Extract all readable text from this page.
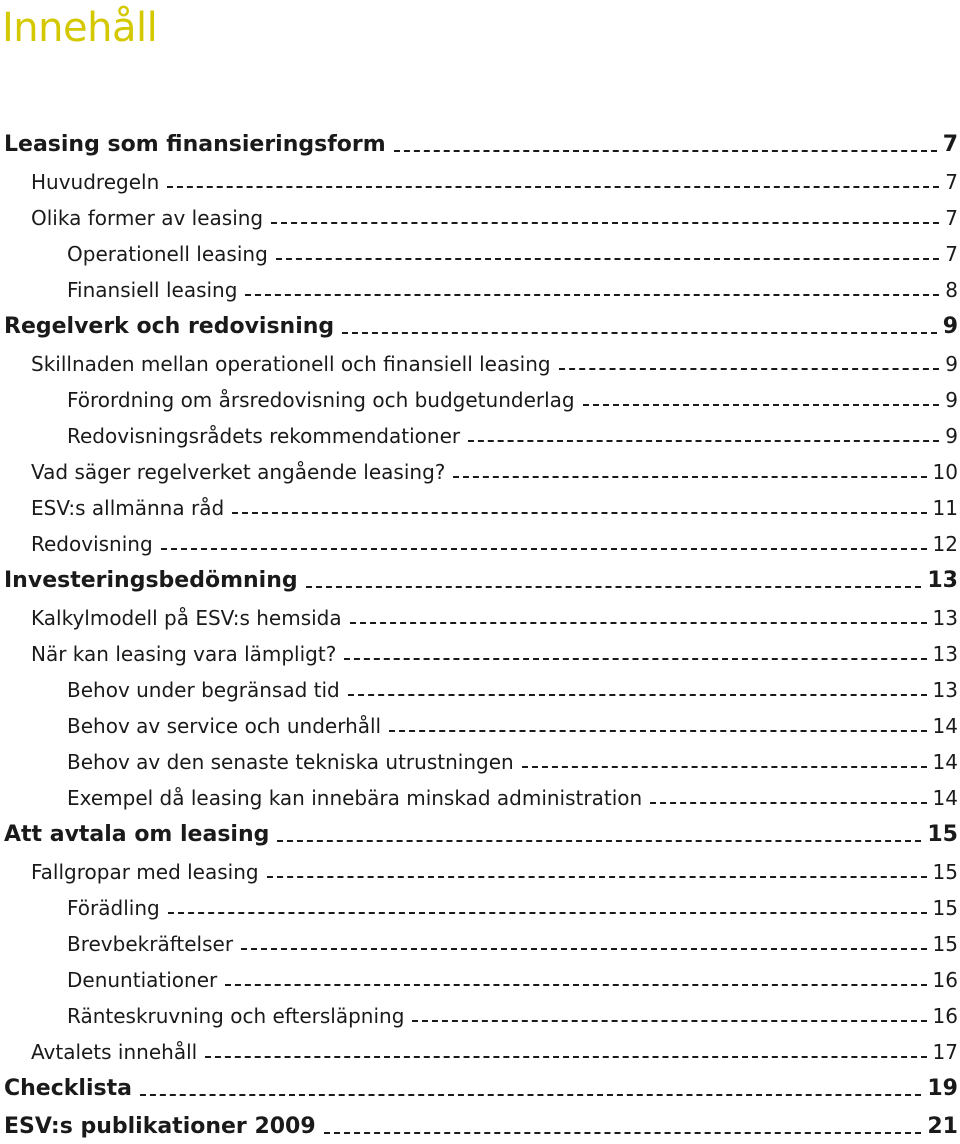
Innehåll
Leasing som finansieringsform	7
Huvudregeln	7
Olika former av leasing	7
Operationell leasing	7
Finansiell leasing	8
Regelverk och redovisning	9
Skillnaden mellan operationell och finansiell leasing	9
Förordning om årsredovisning och budgetunderlag	9
Redovisningsrådets rekommendationer	9
Vad säger regelverket angående leasing?	10
ESV:s allmänna råd	11
Redovisning	12
Investeringsbedömning	13
Kalkylmodell på ESV:s hemsida	13
När kan leasing vara lämpligt?	13
Behov under begränsad tid	13
Behov av service och underhåll	14
Behov av den senaste tekniska utrustningen	14
Exempel då leasing kan innebära minskad administration	14
Att avtala om leasing	15
Fallgropar med leasing	15
Förädling	15
Brevbekräftelser	15
Denuntiationer	16
Ränteskruvning och eftersläpning	16
Avtalets innehåll	17
Checklista	19
ESV:s publikationer 2009	21
